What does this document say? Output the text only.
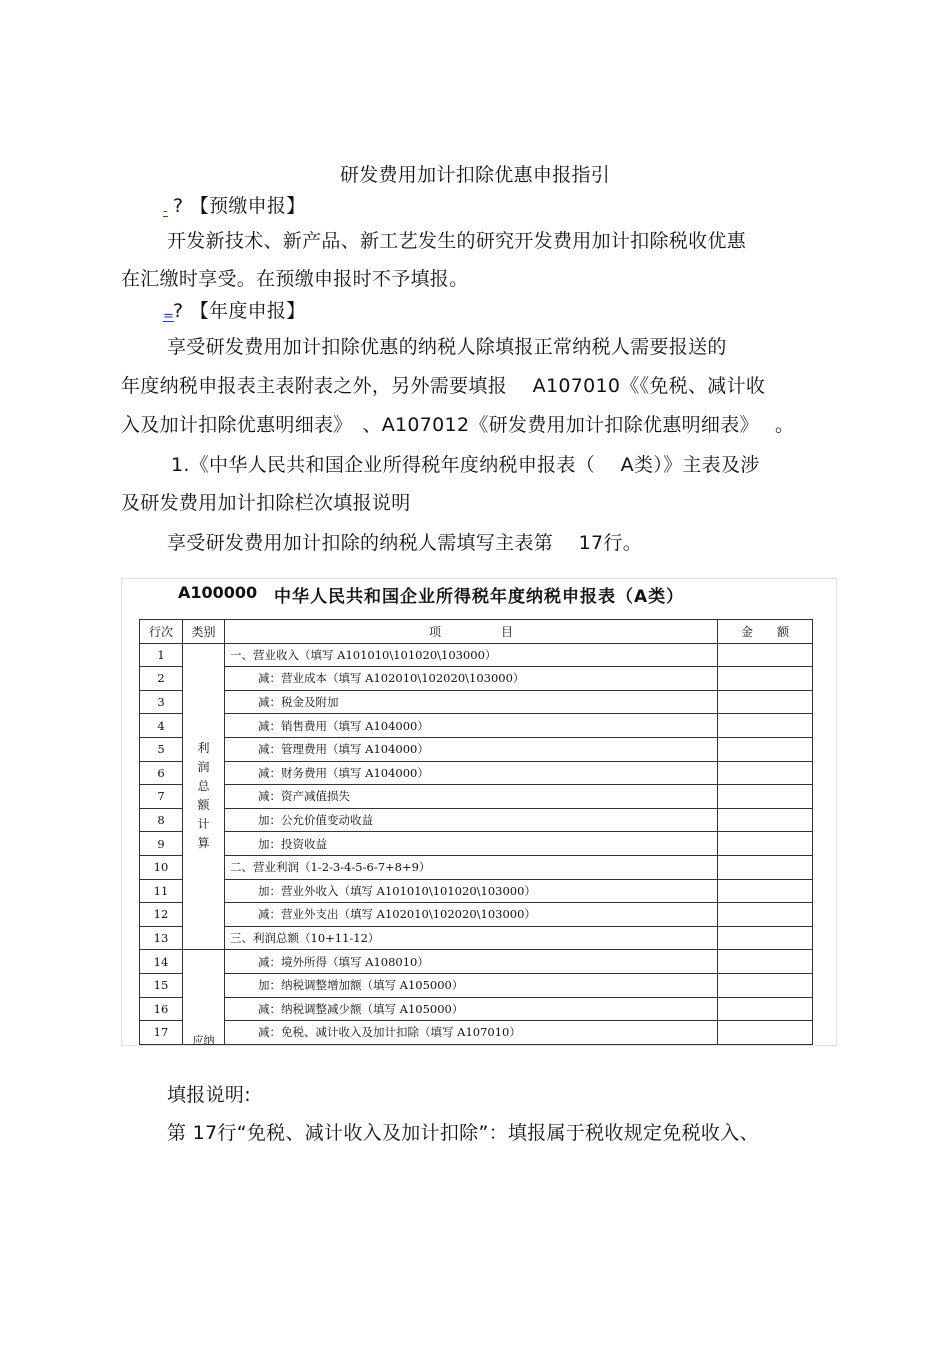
研发费用加计扣除优惠申报指引
- ? 【预缴申报】
开发新技术、新产品、新工艺发生的研究开发费用加计扣除税收优惠
在汇缴时享受。在预缴申报时不予填报。
=? 【年度申报】
享受研发费用加计扣除优惠的纳税人除填报正常纳税人需要报送的
年度纳税申报表主表附表之外，另外需要填报　 A107010《《免税、减计收
入及加计扣除优惠明细表》　、A107012《研发费用加计扣除优惠明细表》　 。
1.《中华人民共和国企业所得税年度纳税申报表（　 A类）》主表及涉
及研发费用加计扣除栏次填报说明
享受研发费用加计扣除的纳税人需填写主表第　 17行。
A100000 中华人民共和国企业所得税年度纳税申报表（A类）
行次	类别	项　　　　　目	金　　额
1	利润总额计算	一、营业收入（填写 A101010\101020\103000）	
2		减：营业成本（填写 A102010\102020\103000）	
3		减：税金及附加	
4		减：销售费用（填写 A104000）	
5		减：管理费用（填写 A104000）	
6		减：财务费用（填写 A104000）	
7		减：资产减值损失	
8		加：公允价值变动收益	
9		加：投资收益	
10		二、营业利润（1-2-3-4-5-6-7+8+9）	
11		加：营业外收入（填写 A101010\101020\103000）	
12		减：营业外支出（填写 A102010\102020\103000）	
13		三、利润总额（10+11-12）	
14	应纳	减：境外所得（填写 A108010）	
15		加：纳税调整增加额（填写 A105000）	
16		减：纳税调整减少额（填写 A105000）	
17		减：免税、减计收入及加计扣除（填写 A107010）	
填报说明:
第 17行“免税、减计收入及加计扣除”：填报属于税收规定免税收入、
